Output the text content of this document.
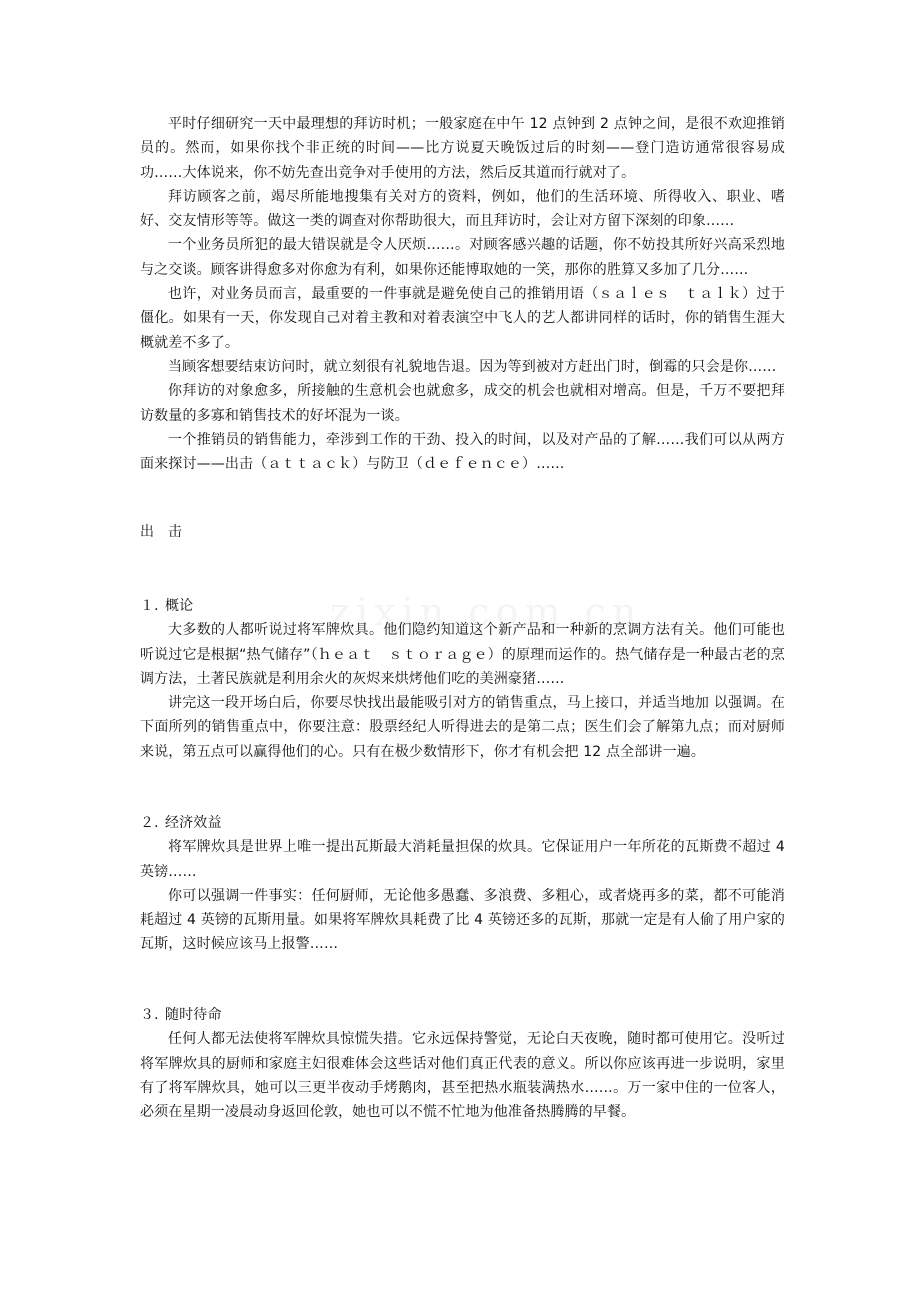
平时仔细研究一天中最理想的拜访时机；一般家庭在中午 12 点钟到 2 点钟之间，是很不欢迎推销员的。然而，如果你找个非正统的时间——比方说夏天晚饭过后的时刻——登门造访通常很容易成功……大体说来，你不妨先查出竞争对手使用的方法，然后反其道而行就对了。

拜访顾客之前，竭尽所能地搜集有关对方的资料，例如，他们的生活环境、所得收入、职业、嗜好、交友情形等等。做这一类的调查对你帮助很大，而且拜访时，会让对方留下深刻的印象……

一个业务员所犯的最大错误就是令人厌烦……。对顾客感兴趣的话题，你不妨投其所好兴高采烈地与之交谈。顾客讲得愈多对你愈为有利，如果你还能博取她的一笑，那你的胜算又多加了几分……

也许，对业务员而言，最重要的一件事就是避免使自己的推销用语（ｓａｌｅｓ　ｔａｌｋ）过于僵化。如果有一天，你发现自己对着主教和对着表演空中飞人的艺人都讲同样的话时，你的销售生涯大概就差不多了。

当顾客想要结束访问时，就立刻很有礼貌地告退。因为等到被对方赶出门时，倒霉的只会是你……

你拜访的对象愈多，所接触的生意机会也就愈多，成交的机会也就相对增高。但是，千万不要把拜访数量的多寡和销售技术的好坏混为一谈。

一个推销员的销售能力，牵涉到工作的干劲、投入的时间，以及对产品的了解……我们可以从两方面来探讨——出击（ａｔｔａｃｋ）与防卫（ｄｅｆｅｎｃｅ）……

出击

１．概论

大多数的人都听说过将军牌炊具。他们隐约知道这个新产品和一种新的烹调方法有关。他们可能也听说过它是根据“热气储存”（ｈｅａｔ　ｓｔｏｒａｇｅ）的原理而运作的。热气储存是一种最古老的烹调方法，土著民族就是利用余火的灰烬来烘烤他们吃的美洲豪猪……

讲完这一段开场白后，你要尽快找出最能吸引对方的销售重点，马上接口，并适当地加 以强调。在下面所列的销售重点中，你要注意：股票经纪人听得进去的是第二点；医生们会了解第九点；而对厨师来说，第五点可以赢得他们的心。只有在极少数情形下，你才有机会把 12 点全部讲一遍。

２．经济效益

将军牌炊具是世界上唯一提出瓦斯最大消耗量担保的炊具。它保证用户一年所花的瓦斯费不超过 4 英镑……

你可以强调一件事实：任何厨师，无论他多愚蠢、多浪费、多粗心，或者烧再多的菜，都不可能消耗超过 4 英镑的瓦斯用量。如果将军牌炊具耗费了比 4 英镑还多的瓦斯，那就一定是有人偷了用户家的瓦斯，这时候应该马上报警……

３．随时待命

任何人都无法使将军牌炊具惊慌失措。它永远保持警觉，无论白天夜晚，随时都可使用它。没听过将军牌炊具的厨师和家庭主妇很难体会这些话对他们真正代表的意义。所以你应该再进一步说明，家里有了将军牌炊具，她可以三更半夜动手烤鹅肉，甚至把热水瓶装满热水……。万一家中住的一位客人，必须在星期一凌晨动身返回伦敦，她也可以不慌不忙地为他准备热腾腾的早餐。
